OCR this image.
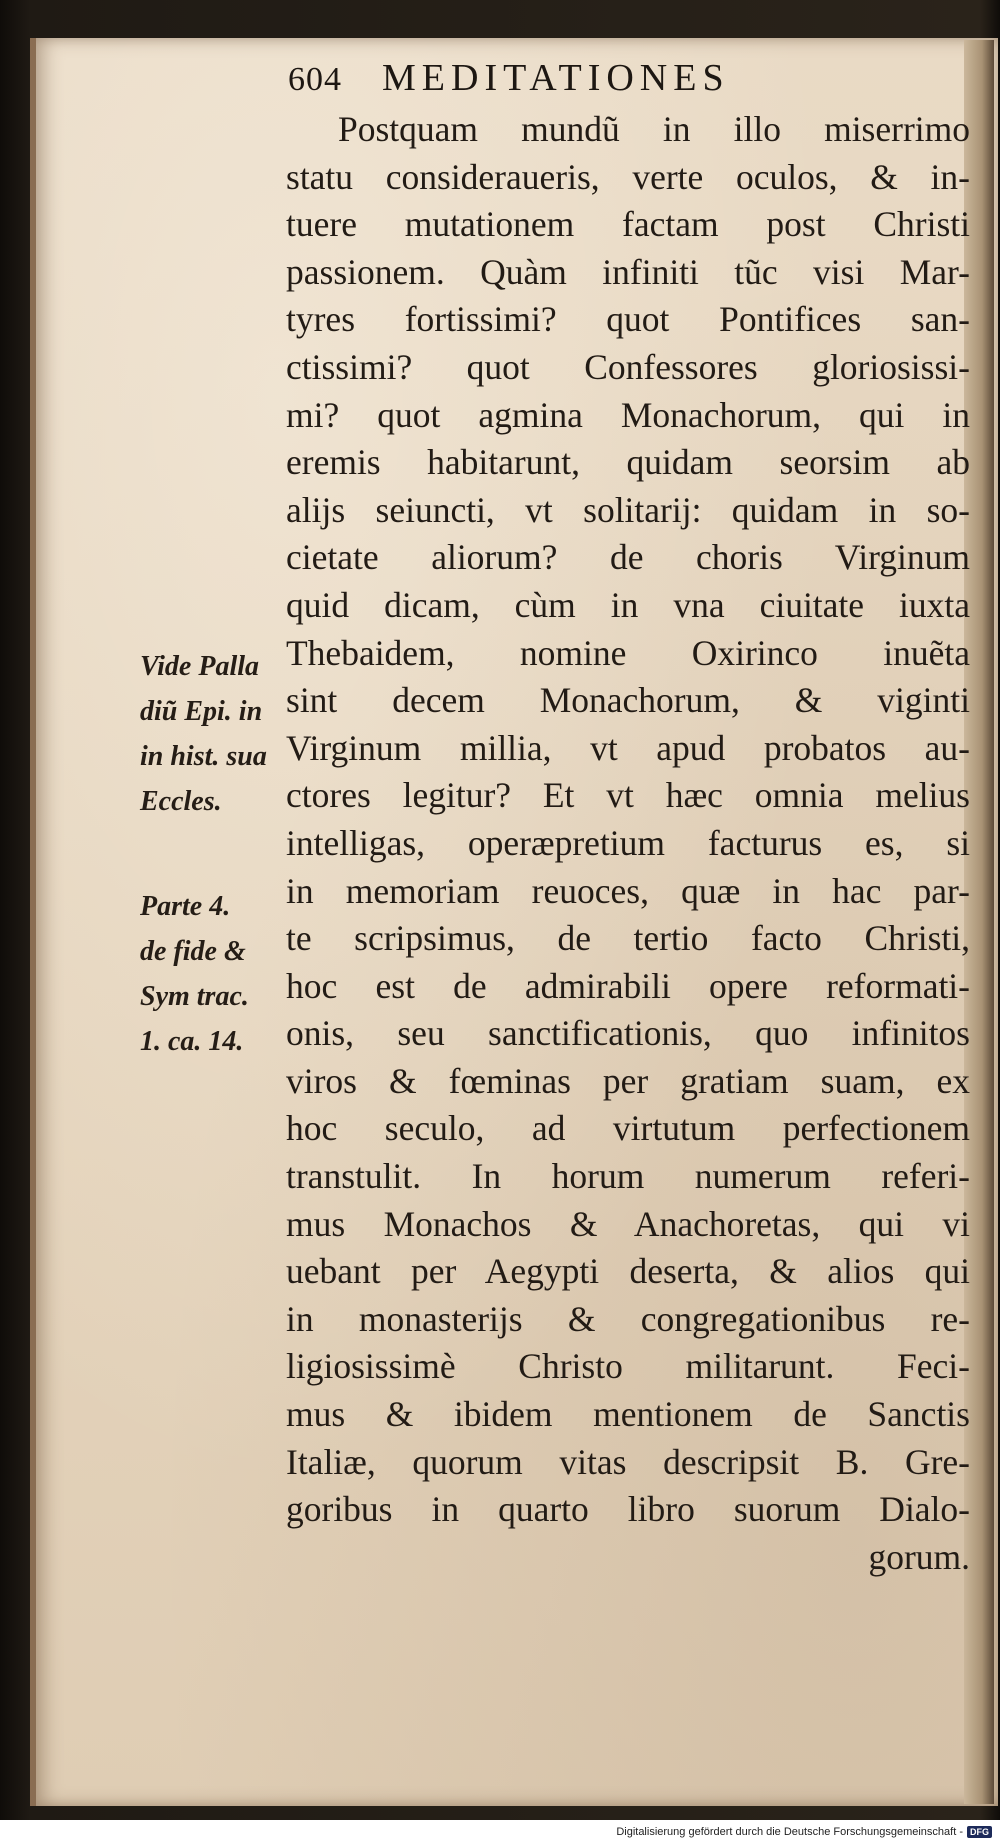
604 MEDITATIONES
Postquam mundũ in illo miserrimo
statu consideraueris, verte oculos, & in-
tuere mutationem factam post Christi
passionem. Quàm infiniti tũc visi Mar-
tyres fortissimi? quot Pontifices san-
ctissimi? quot Confessores gloriosissi-
mi? quot agmina Monachorum, qui in
eremis habitarunt, quidam seorsim ab
alijs seiuncti, vt solitarij: quidam in so-
cietate aliorum? de choris Virginum
quid dicam, cùm in vna ciuitate iuxta
Thebaidem, nomine Oxirinco inuẽta
sint decem Monachorum, & viginti
Virginum millia, vt apud probatos au-
ctores legitur? Et vt hæc omnia melius
intelligas, operæpretium facturus es, si
in memoriam reuoces, quæ in hac par-
te scripsimus, de tertio facto Christi,
hoc est de admirabili opere reformati-
onis, seu sanctificationis, quo infinitos
viros & fœminas per gratiam suam, ex
hoc seculo, ad virtutum perfectionem
transtulit. In horum numerum referi-
mus Monachos & Anachoretas, qui vi
uebant per Aegypti deserta, & alios qui
in monasterijs & congregationibus re-
ligiosissimè Christo militarunt. Feci-
mus & ibidem mentionem de Sanctis
Italiæ, quorum vitas descripsit B. Gre-
goribus in quarto libro suorum Dialo-
gorum.
Vide Palla
diũ Epi. in
in hist. sua
Eccles.
Parte 4.
de fide &
Sym trac.
1. ca. 14.
Digitalisierung gefördert durch die Deutsche Forschungsgemeinschaft - DFG
